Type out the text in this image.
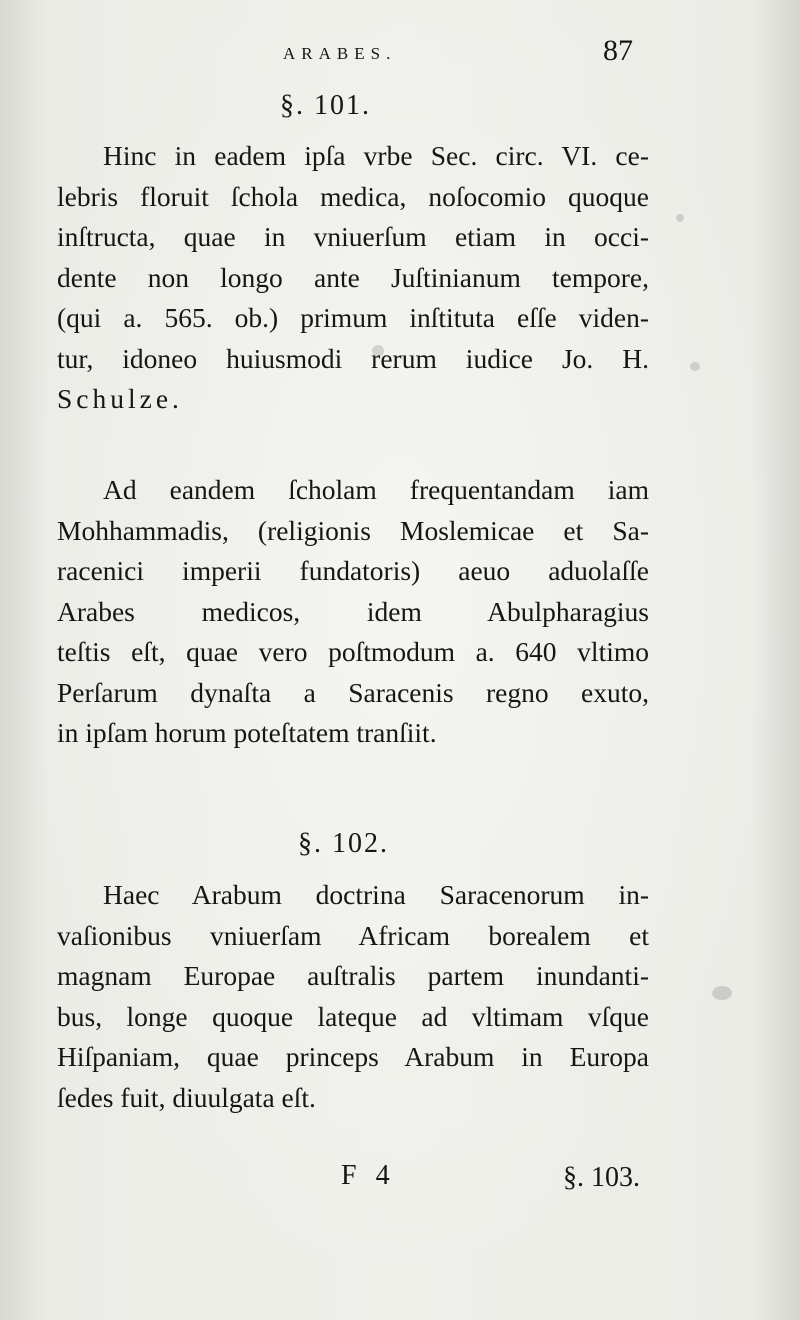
ARABES.	87
§. 101.
Hinc in eadem ipſa vrbe Sec. circ. VI. ce-
lebris floruit ſchola medica, noſocomio quoque
inſtructa, quae in vniuerſum etiam in occi-
dente non longo ante Juſtinianum tempore,
(qui a. 565. ob.) primum inſtituta eſſe viden-
tur, idoneo huiusmodi rerum iudice Jo. H.
Schulze.
Ad eandem ſcholam frequentandam iam
Mohhammadis, (religionis Moslemicae et Sa-
racenici imperii fundatoris) aeuo aduolaſſe
Arabes medicos, idem Abulpharagius
teſtis eſt, quae vero poſtmodum a. 640 vltimo
Perſarum dynaſta a Saracenis regno exuto,
in ipſam horum poteſtatem tranſiit.
§. 102.
Haec Arabum doctrina Saracenorum in-
vaſionibus vniuerſam Africam borealem et
magnam Europae auſtralis partem inundanti-
bus, longe quoque lateque ad vltimam vſque
Hiſpaniam, quae princeps Arabum in Europa
ſedes fuit, diuulgata eſt.
F 4	§. 103.
